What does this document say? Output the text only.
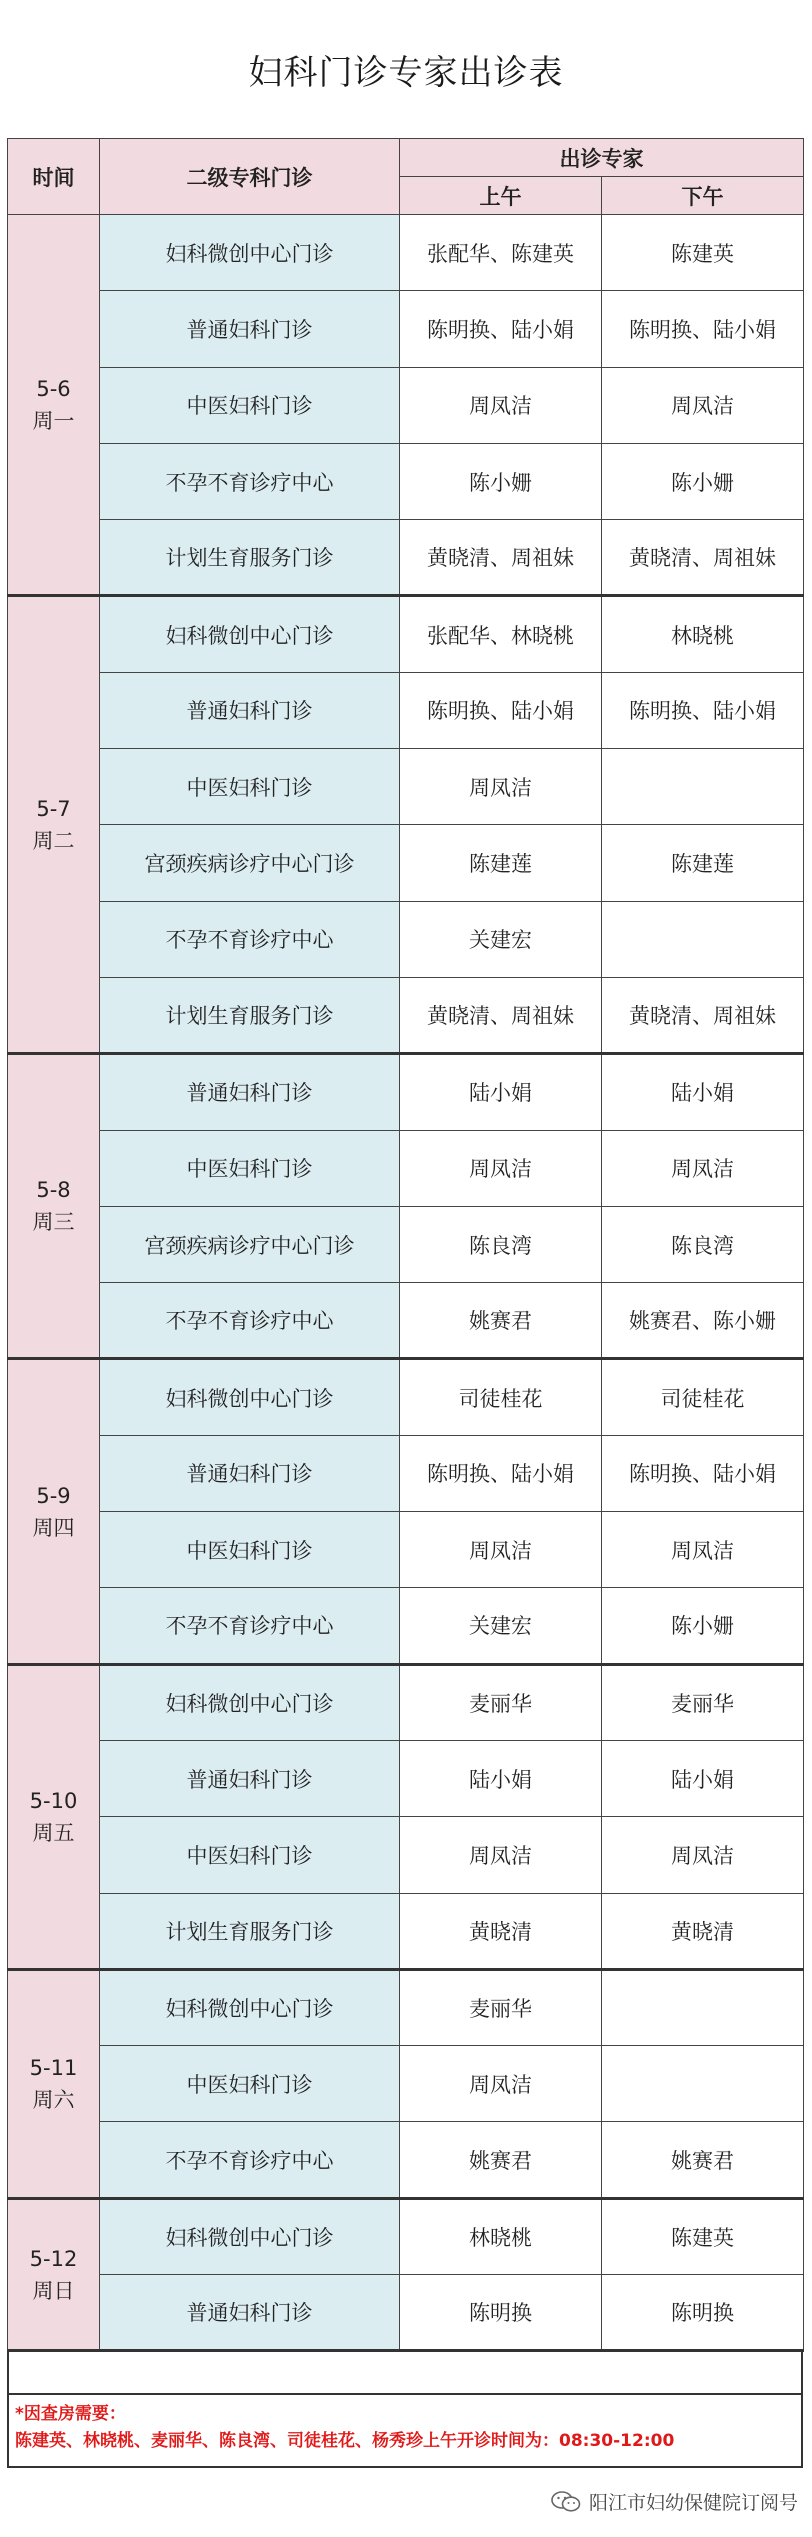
妇科门诊专家出诊表
时间	二级专科门诊	出诊专家	
		上午	下午

5-6
周一	妇科微创中心门诊	张配华、陈建英	陈建英
	普通妇科门诊	陈明换、陆小娟	陈明换、陆小娟
	中医妇科门诊	周凤洁	周凤洁
	不孕不育诊疗中心	陈小姗	陈小姗
	计划生育服务门诊	黄晓清、周祖妹	黄晓清、周祖妹

5-7
周二	妇科微创中心门诊	张配华、林晓桃	林晓桃
	普通妇科门诊	陈明换、陆小娟	陈明换、陆小娟
	中医妇科门诊	周凤洁	
	宫颈疾病诊疗中心门诊	陈建莲	陈建莲
	不孕不育诊疗中心	关建宏	
	计划生育服务门诊	黄晓清、周祖妹	黄晓清、周祖妹

5-8
周三	普通妇科门诊	陆小娟	陆小娟
	中医妇科门诊	周凤洁	周凤洁
	宫颈疾病诊疗中心门诊	陈良湾	陈良湾
	不孕不育诊疗中心	姚赛君	姚赛君、陈小姗

5-9
周四	妇科微创中心门诊	司徒桂花	司徒桂花
	普通妇科门诊	陈明换、陆小娟	陈明换、陆小娟
	中医妇科门诊	周凤洁	周凤洁
	不孕不育诊疗中心	关建宏	陈小姗

5-10
周五	妇科微创中心门诊	麦丽华	麦丽华
	普通妇科门诊	陆小娟	陆小娟
	中医妇科门诊	周凤洁	周凤洁
	计划生育服务门诊	黄晓清	黄晓清

5-11
周六	妇科微创中心门诊	麦丽华	
	中医妇科门诊	周凤洁	
	不孕不育诊疗中心	姚赛君	姚赛君

5-12
周日	妇科微创中心门诊	林晓桃	陈建英
	普通妇科门诊	陈明换	陈明换
*因查房需要：
陈建英、林晓桃、麦丽华、陈良湾、司徒桂花、杨秀珍上午开诊时间为：08:30-12:00
阳江市妇幼保健院订阅号
